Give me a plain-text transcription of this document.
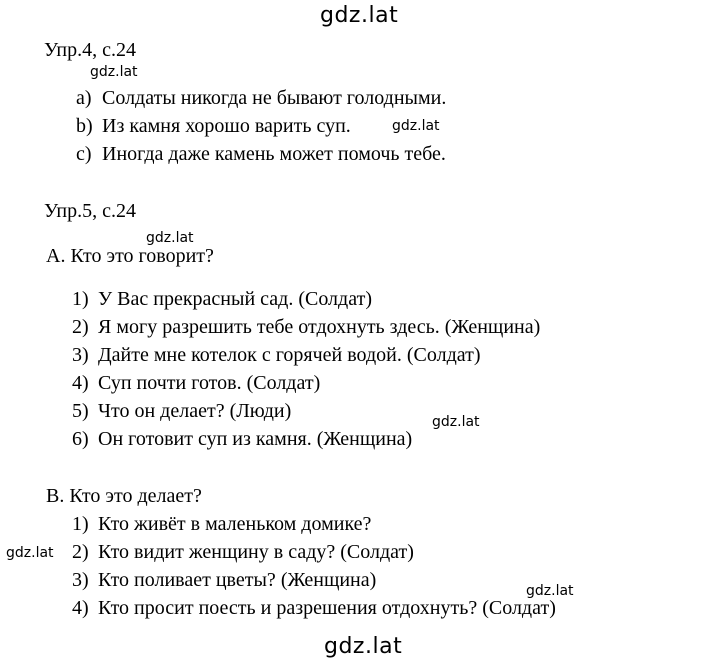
gdz.lat
gdz.lat
gdz.lat
gdz.lat
gdz.lat
gdz.lat
gdz.lat
gdz.lat
Упр.4, с.24
a) Солдаты никогда не бывают голодными.
b) Из камня хорошо варить суп.
c) Иногда даже камень может помочь тебе.
Упр.5, с.24
A. Кто это говорит?
1) У Вас прекрасный сад. (Солдат)
2) Я могу разрешить тебе отдохнуть здесь. (Женщина)
3) Дайте мне котелок с горячей водой. (Солдат)
4) Суп почти готов. (Солдат)
5) Что он делает? (Люди)
6) Он готовит суп из камня. (Женщина)
B. Кто это делает?
1) Кто живёт в маленьком домике?
2) Кто видит женщину в саду? (Солдат)
3) Кто поливает цветы? (Женщина)
4) Кто просит поесть и разрешения отдохнуть? (Солдат)
